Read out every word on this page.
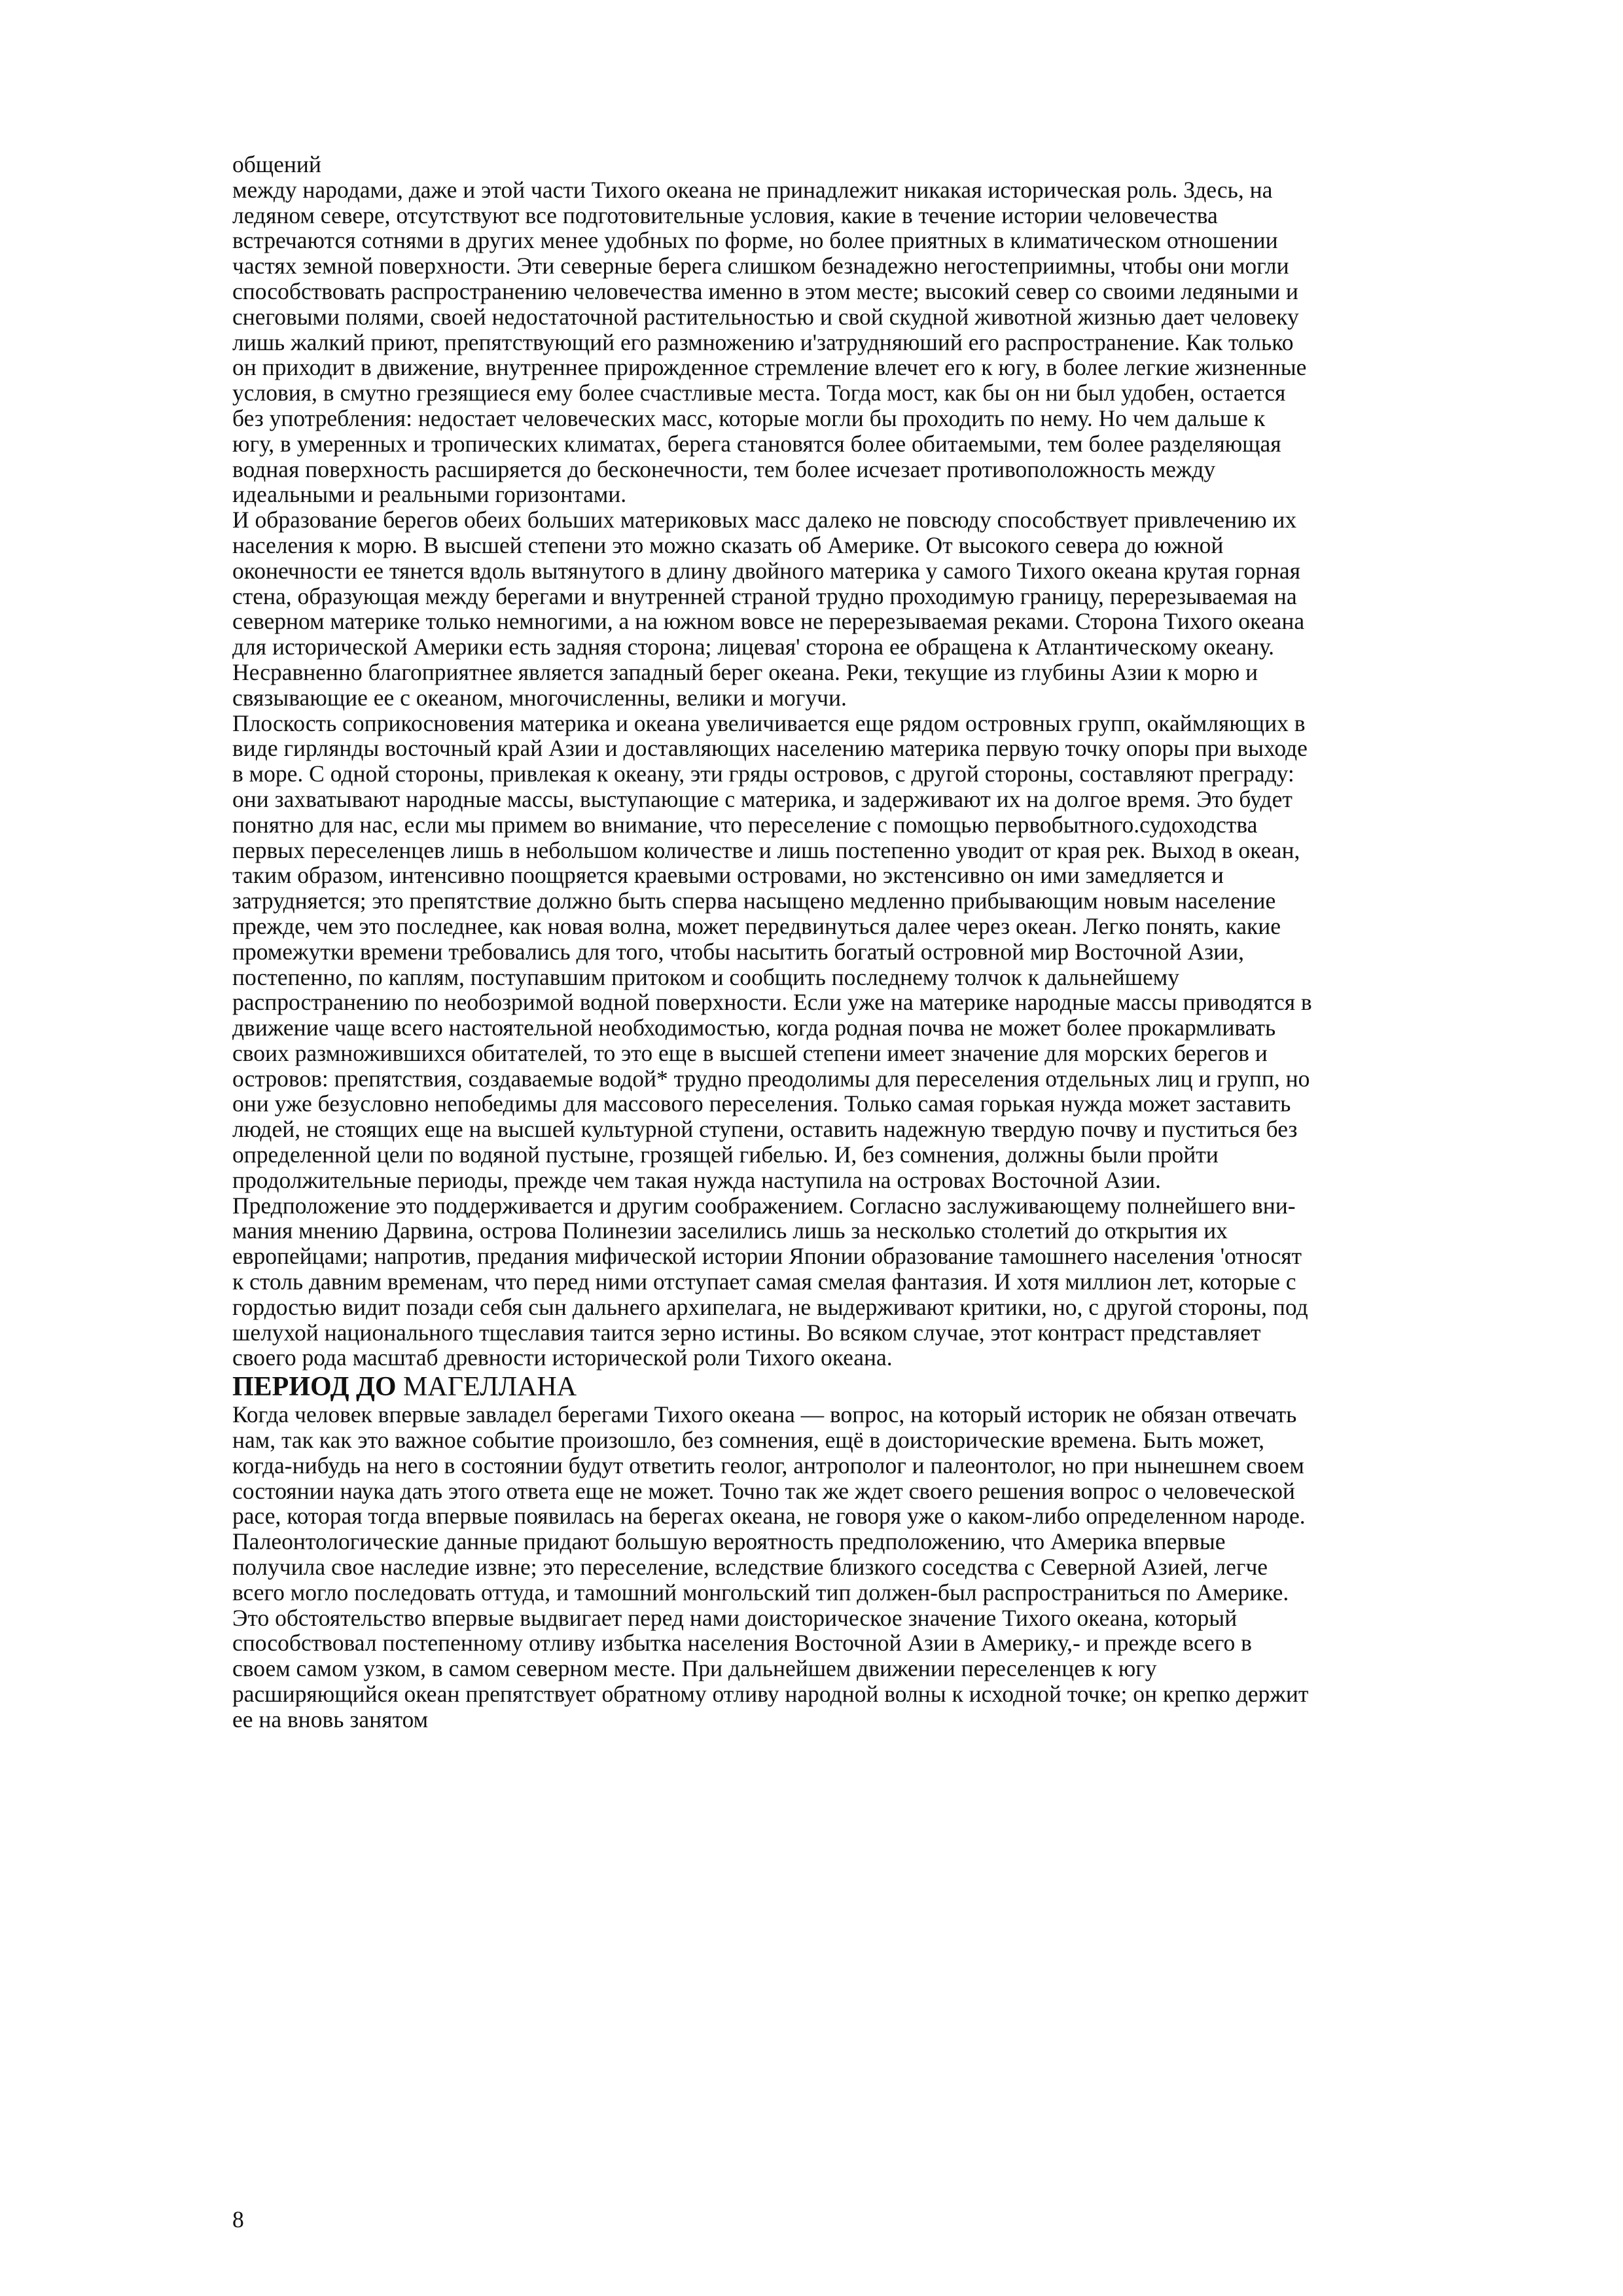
общений
между народами, даже и этой части Тихого океана не принадлежит никакая историческая роль. Здесь, на
ледяном севере, отсутствуют все подготовительные условия, какие в течение истории человечества
встречаются сотнями в других менее удобных по форме, но более приятных в климатическом отношении
частях земной поверхности. Эти северные берега слишком безнадежно негостеприимны, чтобы они могли
способствовать распространению человечества именно в этом месте; высокий север со своими ледяными и
снеговыми полями, своей недостаточной растительностью и свой скудной животной жизнью дает человеку
лишь жалкий приют, препятствующий его размножению и'затрудняюший его распространение. Как только
он приходит в движение, внутреннее прирожденное стремление влечет его к югу, в более легкие жизненные
условия, в смутно грезящиеся ему более счастливые места. Тогда мост, как бы он ни был удобен, остается
без употребления: недостает человеческих масс, которые могли бы проходить по нему. Но чем дальше к
югу, в умеренных и тропических климатах, берега становятся более обитаемыми, тем более разделяющая
водная поверхность расширяется до бесконечности, тем более исчезает противоположность между
идеальными и реальными горизонтами.

И образование берегов обеих больших материковых масс далеко не повсюду способствует привлечению их
населения к морю. В высшей степени это можно сказать об Америке. От высокого севера до южной
оконечности ее тянется вдоль вытянутого в длину двойного материка у самого Тихого океана крутая горная
стена, образующая между берегами и внутренней страной трудно проходимую границу, перерезываемая на
северном материке только немногими, а на южном вовсе не перерезываемая реками. Сторона Тихого океана
для исторической Америки есть задняя сторона; лицевая' сторона ее обращена к Атлантическому океану.
Несравненно благоприятнее является западный берег океана. Реки, текущие из глубины Азии к морю и
связывающие ее с океаном, многочисленны, велики и могучи.

Плоскость соприкосновения материка и океана увеличивается еще рядом островных групп, окаймляющих в
виде гирлянды восточный край Азии и доставляющих населению материка первую точку опоры при выходе
в море. С одной стороны, привлекая к океану, эти гряды островов, с другой стороны, составляют преграду:
они захватывают народные массы, выступающие с материка, и задерживают их на долгое время. Это будет
понятно для нас, если мы примем во внимание, что переселение с помощью первобытного.судоходства
первых переселенцев лишь в небольшом количестве и лишь постепенно уводит от края рек. Выход в океан,
таким образом, интенсивно поощряется краевыми островами, но экстенсивно он ими замедляется и
затрудняется; это препятствие должно быть сперва насыщено медленно прибывающим новым население
прежде, чем это последнее, как новая волна, может передвинуться далее через океан. Легко понять, какие
промежутки времени требовались для того, чтобы насытить богатый островной мир Восточной Азии,
постепенно, по каплям, поступавшим притоком и сообщить последнему толчок к дальнейшему
распространению по необозримой водной поверхности. Если уже на материке народные массы приводятся в
движение чаще всего настоятельной необходимостью, когда родная почва не может более прокармливать
своих размножившихся обитателей, то это еще в высшей степени имеет значение для морских берегов и
островов: препятствия, создаваемые водой* трудно преодолимы для переселения отдельных лиц и групп, но
они уже безусловно непобедимы для массового переселения. Только самая горькая нужда может заставить
людей, не стоящих еще на высшей культурной ступени, оставить надежную твердую почву и пуститься без
определенной цели по водяной пустыне, грозящей гибелью. И, без сомнения, должны были пройти
продолжительные периоды, прежде чем такая нужда наступила на островах Восточной Азии.

Предположение это поддерживается и другим соображением. Согласно заслуживающему полнейшего вни-
мания мнению Дарвина, острова Полинезии заселились лишь за несколько столетий до открытия их
европейцами; напротив, предания мифической истории Японии образование тамошнего населения 'относят
к столь давним временам, что перед ними отступает самая смелая фантазия. И хотя миллион лет, которые с
гордостью видит позади себя сын дальнего архипелага, не выдерживают критики, но, с другой стороны, под
шелухой национального тщеславия таится зерно истины. Во всяком случае, этот контраст представляет
своего рода масштаб древности исторической роли Тихого океана.

ПЕРИОД ДО МАГЕЛЛАНА

Когда человек впервые завладел берегами Тихого океана — вопрос, на который историк не обязан отвечать
нам, так как это важное событие произошло, без сомнения, ещё в доисторические времена. Быть может,
когда-нибудь на него в состоянии будут ответить геолог, антрополог и палеонтолог, но при нынешнем своем
состоянии наука дать этого ответа еще не может. Точно так же ждет своего решения вопрос о человеческой
расе, которая тогда впервые появилась на берегах океана, не говоря уже о каком-либо определенном народе.

Палеонтологические данные придают большую вероятность предположению, что Америка впервые
получила свое наследие извне; это переселение, вследствие близкого соседства с Северной Азией, легче
всего могло последовать оттуда, и тамошний монгольский тип должен-был распространиться по Америке.
Это обстоятельство впервые выдвигает перед нами доисторическое значение Тихого океана, который
способствовал постепенному отливу избытка населения Восточной Азии в Америку,- и прежде всего в
своем самом узком, в самом северном месте. При дальнейшем движении переселенцев к югу
расширяющийся океан препятствует обратному отливу народной волны к исходной точке; он крепко держит
ее на вновь занятом

8
